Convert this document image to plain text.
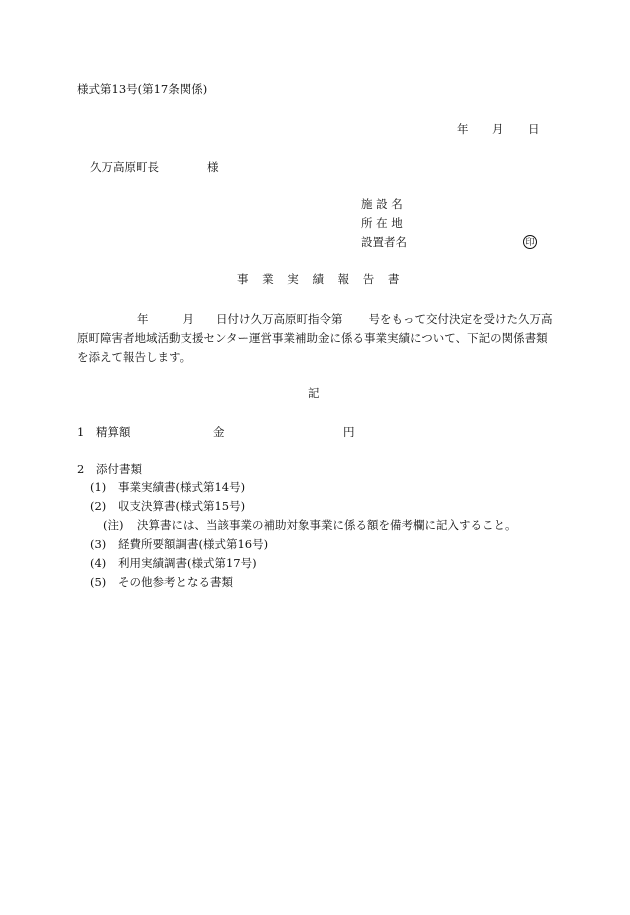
様式第13号(第17条関係)
年 月 日
久万高原町長	様
施 設 名
所 在 地
設置者名	印
事 業 実 績 報 告 書
年	月 日付け久万高原町指令第 号をもって交付決定を受けた久万高原町障害者地域活動支援センター運営事業補助金に係る事業実績について、下記の関係書類を添えて報告します。
記
1 精算額	金	円
2 添付書類
(1) 事業実績書(様式第14号)
(2) 収支決算書(様式第15号)
(注) 決算書には、当該事業の補助対象事業に係る額を備考欄に記入すること。
(3) 経費所要額調書(様式第16号)
(4) 利用実績調書(様式第17号)
(5) その他参考となる書類
